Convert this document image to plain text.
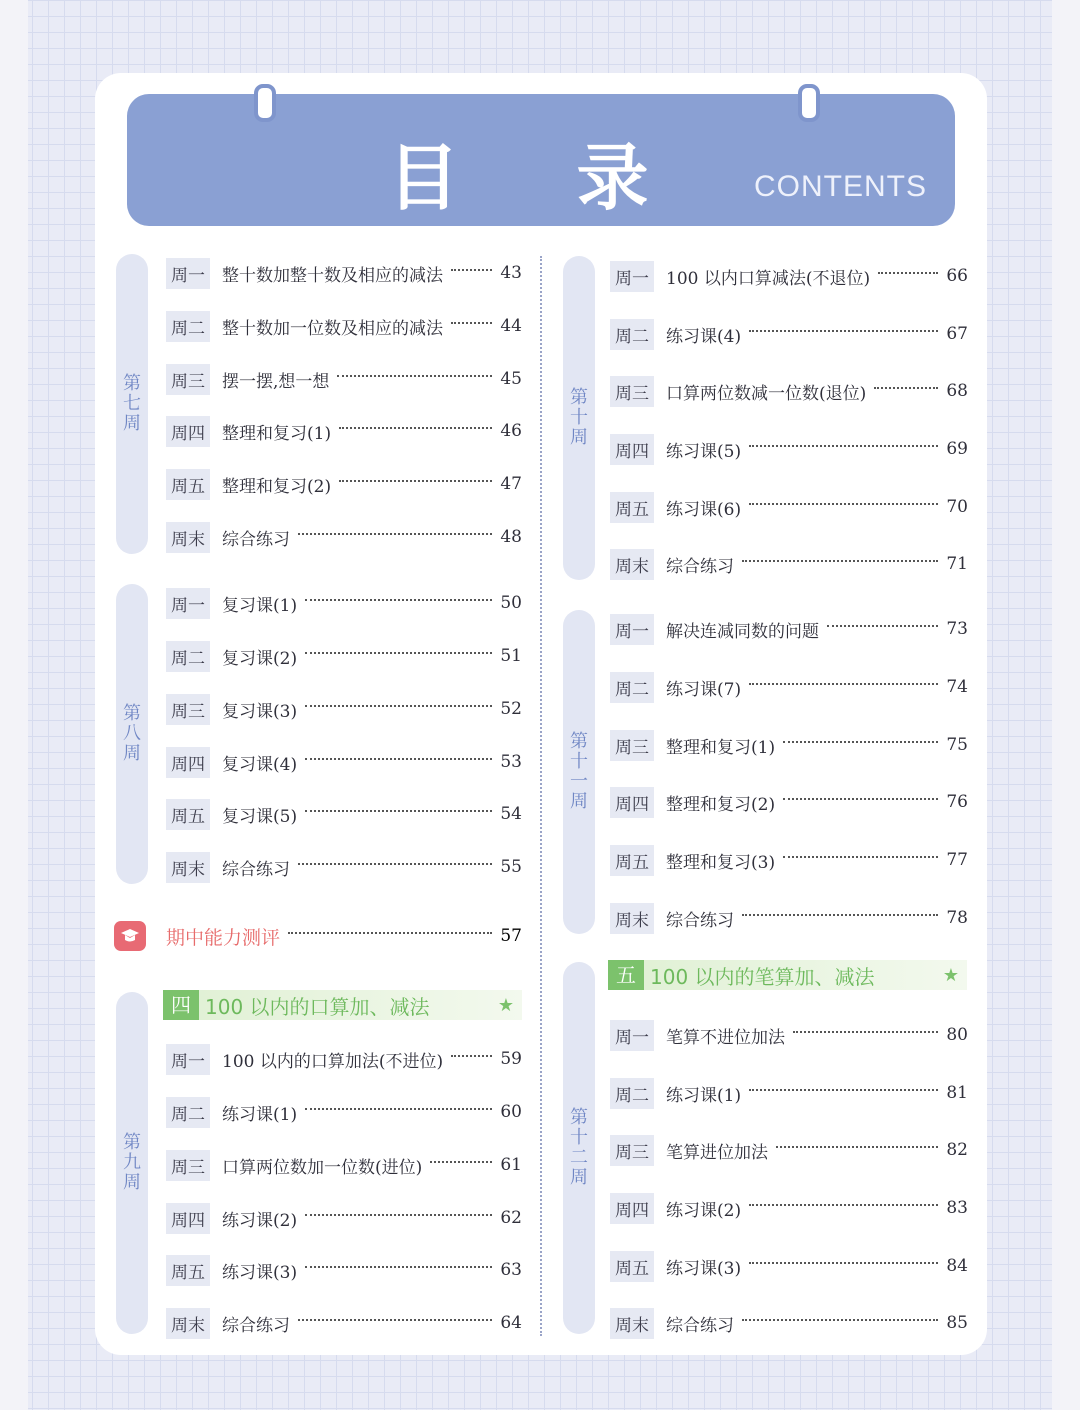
目 录	CONTENTS
第七周
周一 整十数加整十数及相应的减法	43
周二 整十数加一位数及相应的减法	44
周三 摆一摆,想一想	45
周四 整理和复习(1)	46
周五 整理和复习(2)	47
周末 综合练习	48
第八周
周一 复习课(1)	50
周二 复习课(2)	51
周三 复习课(3)	52
周四 复习课(4)	53
周五 复习课(5)	54
周末 综合练习	55
第九周
周一 100 以内的口算加法(不进位)	59
周二 练习课(1)	60
周三 口算两位数加一位数(进位)	61
周四 练习课(2)	62
周五 练习课(3)	63
周末 综合练习	64
第十周
周一 100 以内口算减法(不退位)	66
周二 练习课(4)	67
周三 口算两位数减一位数(退位)	68
周四 练习课(5)	69
周五 练习课(6)	70
周末 综合练习	71
第十一周
周一 解决连减同数的问题	73
周二 练习课(7)	74
周三 整理和复习(1)	75
周四 整理和复习(2)	76
周五 整理和复习(3)	77
周末 综合练习	78
第十二周
周一 笔算不进位加法	80
周二 练习课(1)	81
周三 笔算进位加法	82
周四 练习课(2)	83
周五 练习课(3)	84
周末 综合练习	85
期中能力测评	57
四 100 以内的口算加、减法	★
五 100 以内的笔算加、减法	★
